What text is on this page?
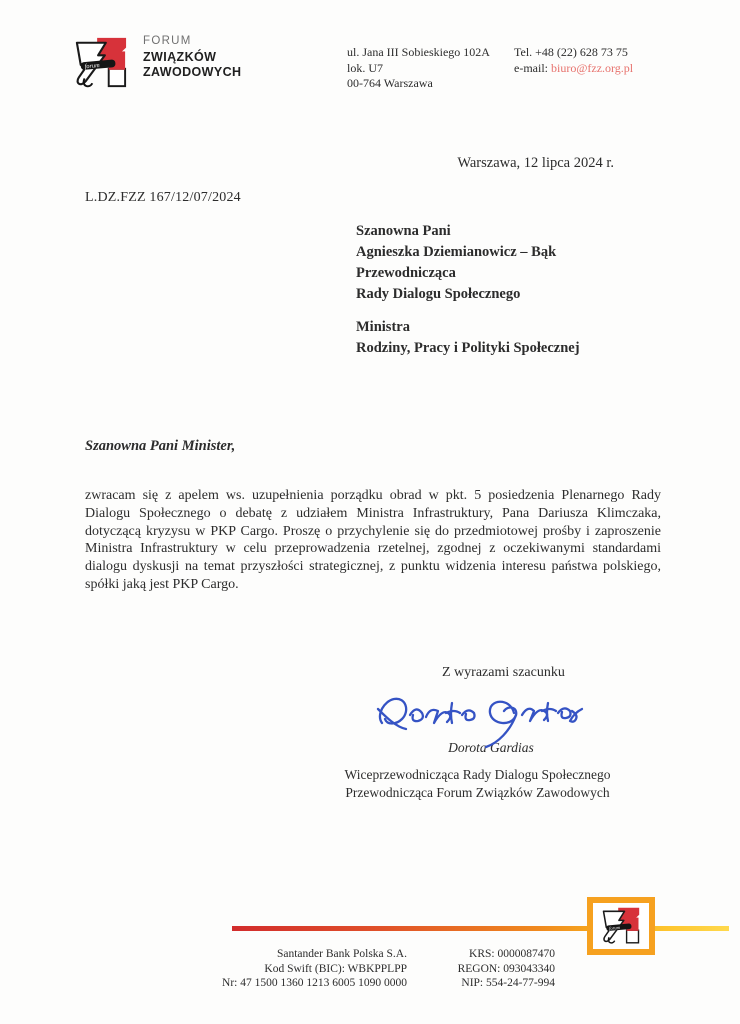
forum
FORUM
ZWIĄZKÓW
ZAWODOWYCH
ul. Jana III Sobieskiego 102A
lok. U7
00-764 Warszawa
Tel. +48 (22) 628 73 75
e-mail: biuro@fzz.org.pl
Warszawa, 12 lipca 2024 r.
L.DZ.FZZ 167/12/07/2024
Szanowna Pani
Agnieszka Dziemianowicz – Bąk
Przewodnicząca
Rady Dialogu Społecznego
Ministra
Rodziny, Pracy i Polityki Społecznej
Szanowna Pani Minister,
zwracam się z apelem ws. uzupełnienia porządku obrad w pkt. 5 posiedzenia Plenarnego Rady Dialogu Społecznego o debatę z udziałem Ministra Infrastruktury, Pana Dariusza Klimczaka, dotyczącą kryzysu w PKP Cargo. Proszę o przychylenie się do przedmiotowej prośby i zaproszenie Ministra Infrastruktury w celu przeprowadzenia rzetelnej, zgodnej z oczekiwanymi standardami dialogu dyskusji na temat przyszłości strategicznej, z punktu widzenia interesu państwa polskiego, spółki jaką jest PKP Cargo.
Z wyrazami szacunku
Dorota Gardias
Wiceprzewodnicząca Rady Dialogu Społecznego
Przewodnicząca Forum Związków Zawodowych
forum
Santander Bank Polska S.A.
Kod Swift (BIC): WBKPPLPP
Nr: 47 1500 1360 1213 6005 1090 0000
KRS: 0000087470
REGON: 093043340
NIP: 554-24-77-994
